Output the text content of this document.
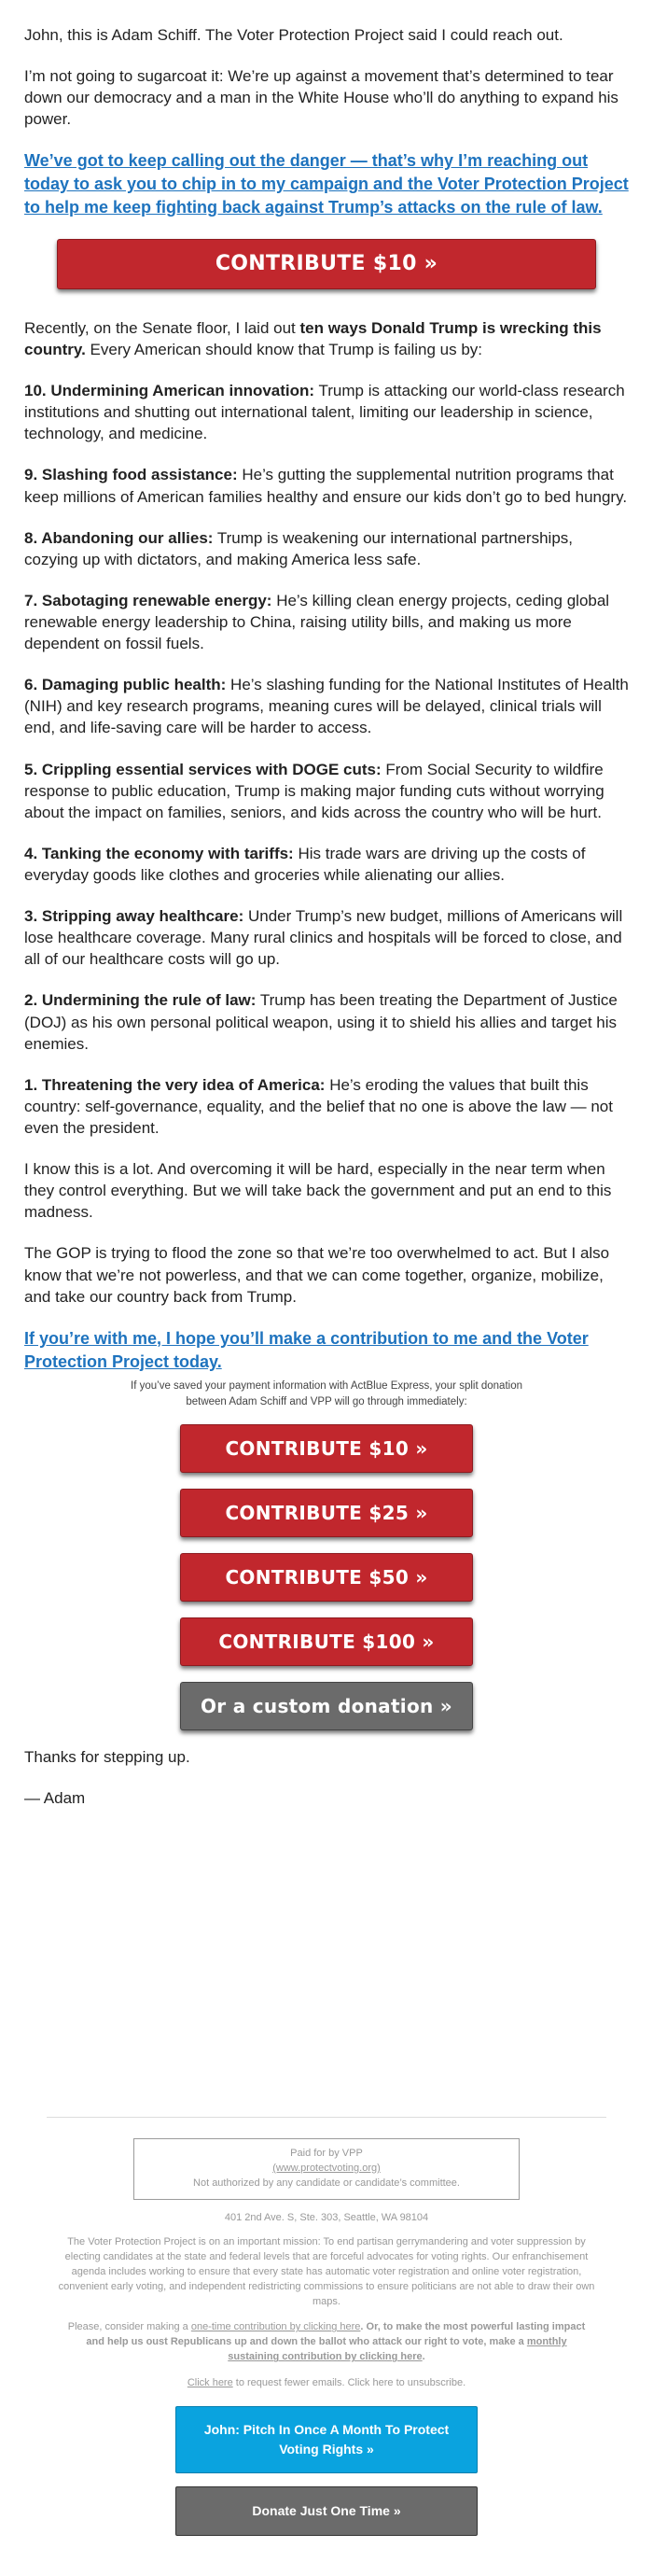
John, this is Adam Schiff. The Voter Protection Project said I could reach out.

I’m not going to sugarcoat it: We’re up against a movement that’s determined to tear down our democracy and a man in the White House who’ll do anything to expand his power.

We’ve got to keep calling out the danger — that’s why I’m reaching out today to ask you to chip in to my campaign and the Voter Protection Project to help me keep fighting back against Trump’s attacks on the rule of law.
CONTRIBUTE $10 »

Recently, on the Senate floor, I laid out ten ways Donald Trump is wrecking this country. Every American should know that Trump is failing us by:

10. Undermining American innovation: Trump is attacking our world-class research institutions and shutting out international talent, limiting our leadership in science, technology, and medicine.

9. Slashing food assistance: He’s gutting the supplemental nutrition programs that keep millions of American families healthy and ensure our kids don’t go to bed hungry.

8. Abandoning our allies: Trump is weakening our international partnerships, cozying up with dictators, and making America less safe.

7. Sabotaging renewable energy: He’s killing clean energy projects, ceding global renewable energy leadership to China, raising utility bills, and making us more dependent on fossil fuels.

6. Damaging public health: He’s slashing funding for the National Institutes of Health (NIH) and key research programs, meaning cures will be delayed, clinical trials will end, and life-saving care will be harder to access.

5. Crippling essential services with DOGE cuts: From Social Security to wildfire response to public education, Trump is making major funding cuts without worrying about the impact on families, seniors, and kids across the country who will be hurt.

4. Tanking the economy with tariffs: His trade wars are driving up the costs of everyday goods like clothes and groceries while alienating our allies.

3. Stripping away healthcare: Under Trump’s new budget, millions of Americans will lose healthcare coverage. Many rural clinics and hospitals will be forced to close, and all of our healthcare costs will go up.

2. Undermining the rule of law: Trump has been treating the Department of Justice (DOJ) as his own personal political weapon, using it to shield his allies and target his enemies.

1. Threatening the very idea of America: He’s eroding the values that built this country: self-governance, equality, and the belief that no one is above the law — not even the president.

I know this is a lot. And overcoming it will be hard, especially in the near term when they control everything. But we will take back the government and put an end to this madness.

The GOP is trying to flood the zone so that we’re too overwhelmed to act. But I also know that we’re not powerless, and that we can come together, organize, mobilize, and take our country back from Trump.

If you’re with me, I hope you’ll make a contribution to me and the Voter Protection Project today.

If you’ve saved your payment information with ActBlue Express, your split donation between Adam Schiff and VPP will go through immediately:

CONTRIBUTE $10 »
CONTRIBUTE $25 »
CONTRIBUTE $50 »
CONTRIBUTE $100 »
Or a custom donation »

Thanks for stepping up.

— Adam

Paid for by VPP
(www.protectvoting.org)
Not authorized by any candidate or candidate’s committee.
401 2nd Ave. S, Ste. 303, Seattle, WA 98104
The Voter Protection Project is on an important mission: To end partisan gerrymandering and voter suppression by electing candidates at the state and federal levels that are forceful advocates for voting rights. Our enfranchisement agenda includes working to ensure that every state has automatic voter registration and online voter registration, convenient early voting, and independent redistricting commissions to ensure politicians are not able to draw their own maps.
Please, consider making a one-time contribution by clicking here. Or, to make the most powerful lasting impact and help us oust Republicans up and down the ballot who attack our right to vote, make a monthly sustaining contribution by clicking here.
Click here to request fewer emails. Click here to unsubscribe.
John: Pitch In Once A Month To Protect Voting Rights »
Donate Just One Time »
